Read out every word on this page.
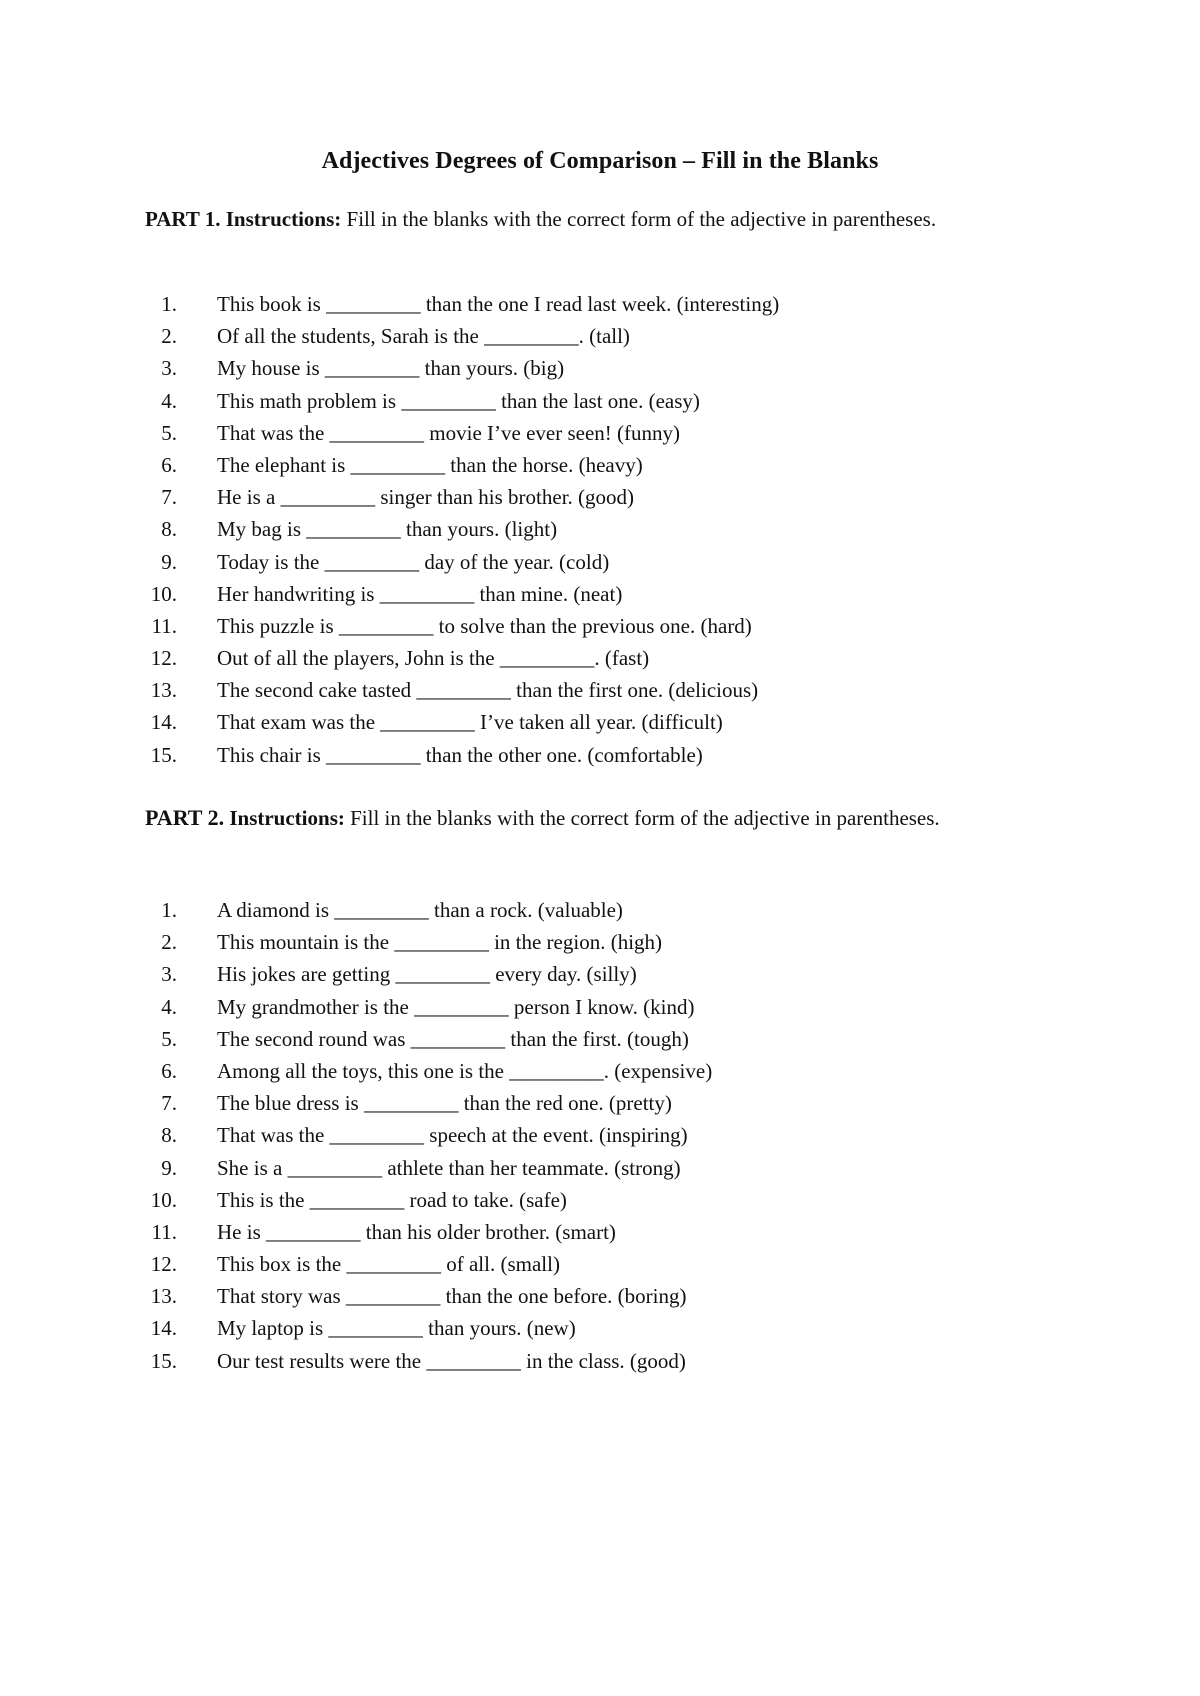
Adjectives Degrees of Comparison – Fill in the Blanks
PART 1. Instructions: Fill in the blanks with the correct form of the adjective in parentheses.
1. This book is _________ than the one I read last week. (interesting)
2. Of all the students, Sarah is the _________. (tall)
3. My house is _________ than yours. (big)
4. This math problem is _________ than the last one. (easy)
5. That was the _________ movie I’ve ever seen! (funny)
6. The elephant is _________ than the horse. (heavy)
7. He is a _________ singer than his brother. (good)
8. My bag is _________ than yours. (light)
9. Today is the _________ day of the year. (cold)
10. Her handwriting is _________ than mine. (neat)
11. This puzzle is _________ to solve than the previous one. (hard)
12. Out of all the players, John is the _________. (fast)
13. The second cake tasted _________ than the first one. (delicious)
14. That exam was the _________ I’ve taken all year. (difficult)
15. This chair is _________ than the other one. (comfortable)
PART 2. Instructions: Fill in the blanks with the correct form of the adjective in parentheses.
1. A diamond is _________ than a rock. (valuable)
2. This mountain is the _________ in the region. (high)
3. His jokes are getting _________ every day. (silly)
4. My grandmother is the _________ person I know. (kind)
5. The second round was _________ than the first. (tough)
6. Among all the toys, this one is the _________. (expensive)
7. The blue dress is _________ than the red one. (pretty)
8. That was the _________ speech at the event. (inspiring)
9. She is a _________ athlete than her teammate. (strong)
10. This is the _________ road to take. (safe)
11. He is _________ than his older brother. (smart)
12. This box is the _________ of all. (small)
13. That story was _________ than the one before. (boring)
14. My laptop is _________ than yours. (new)
15. Our test results were the _________ in the class. (good)
